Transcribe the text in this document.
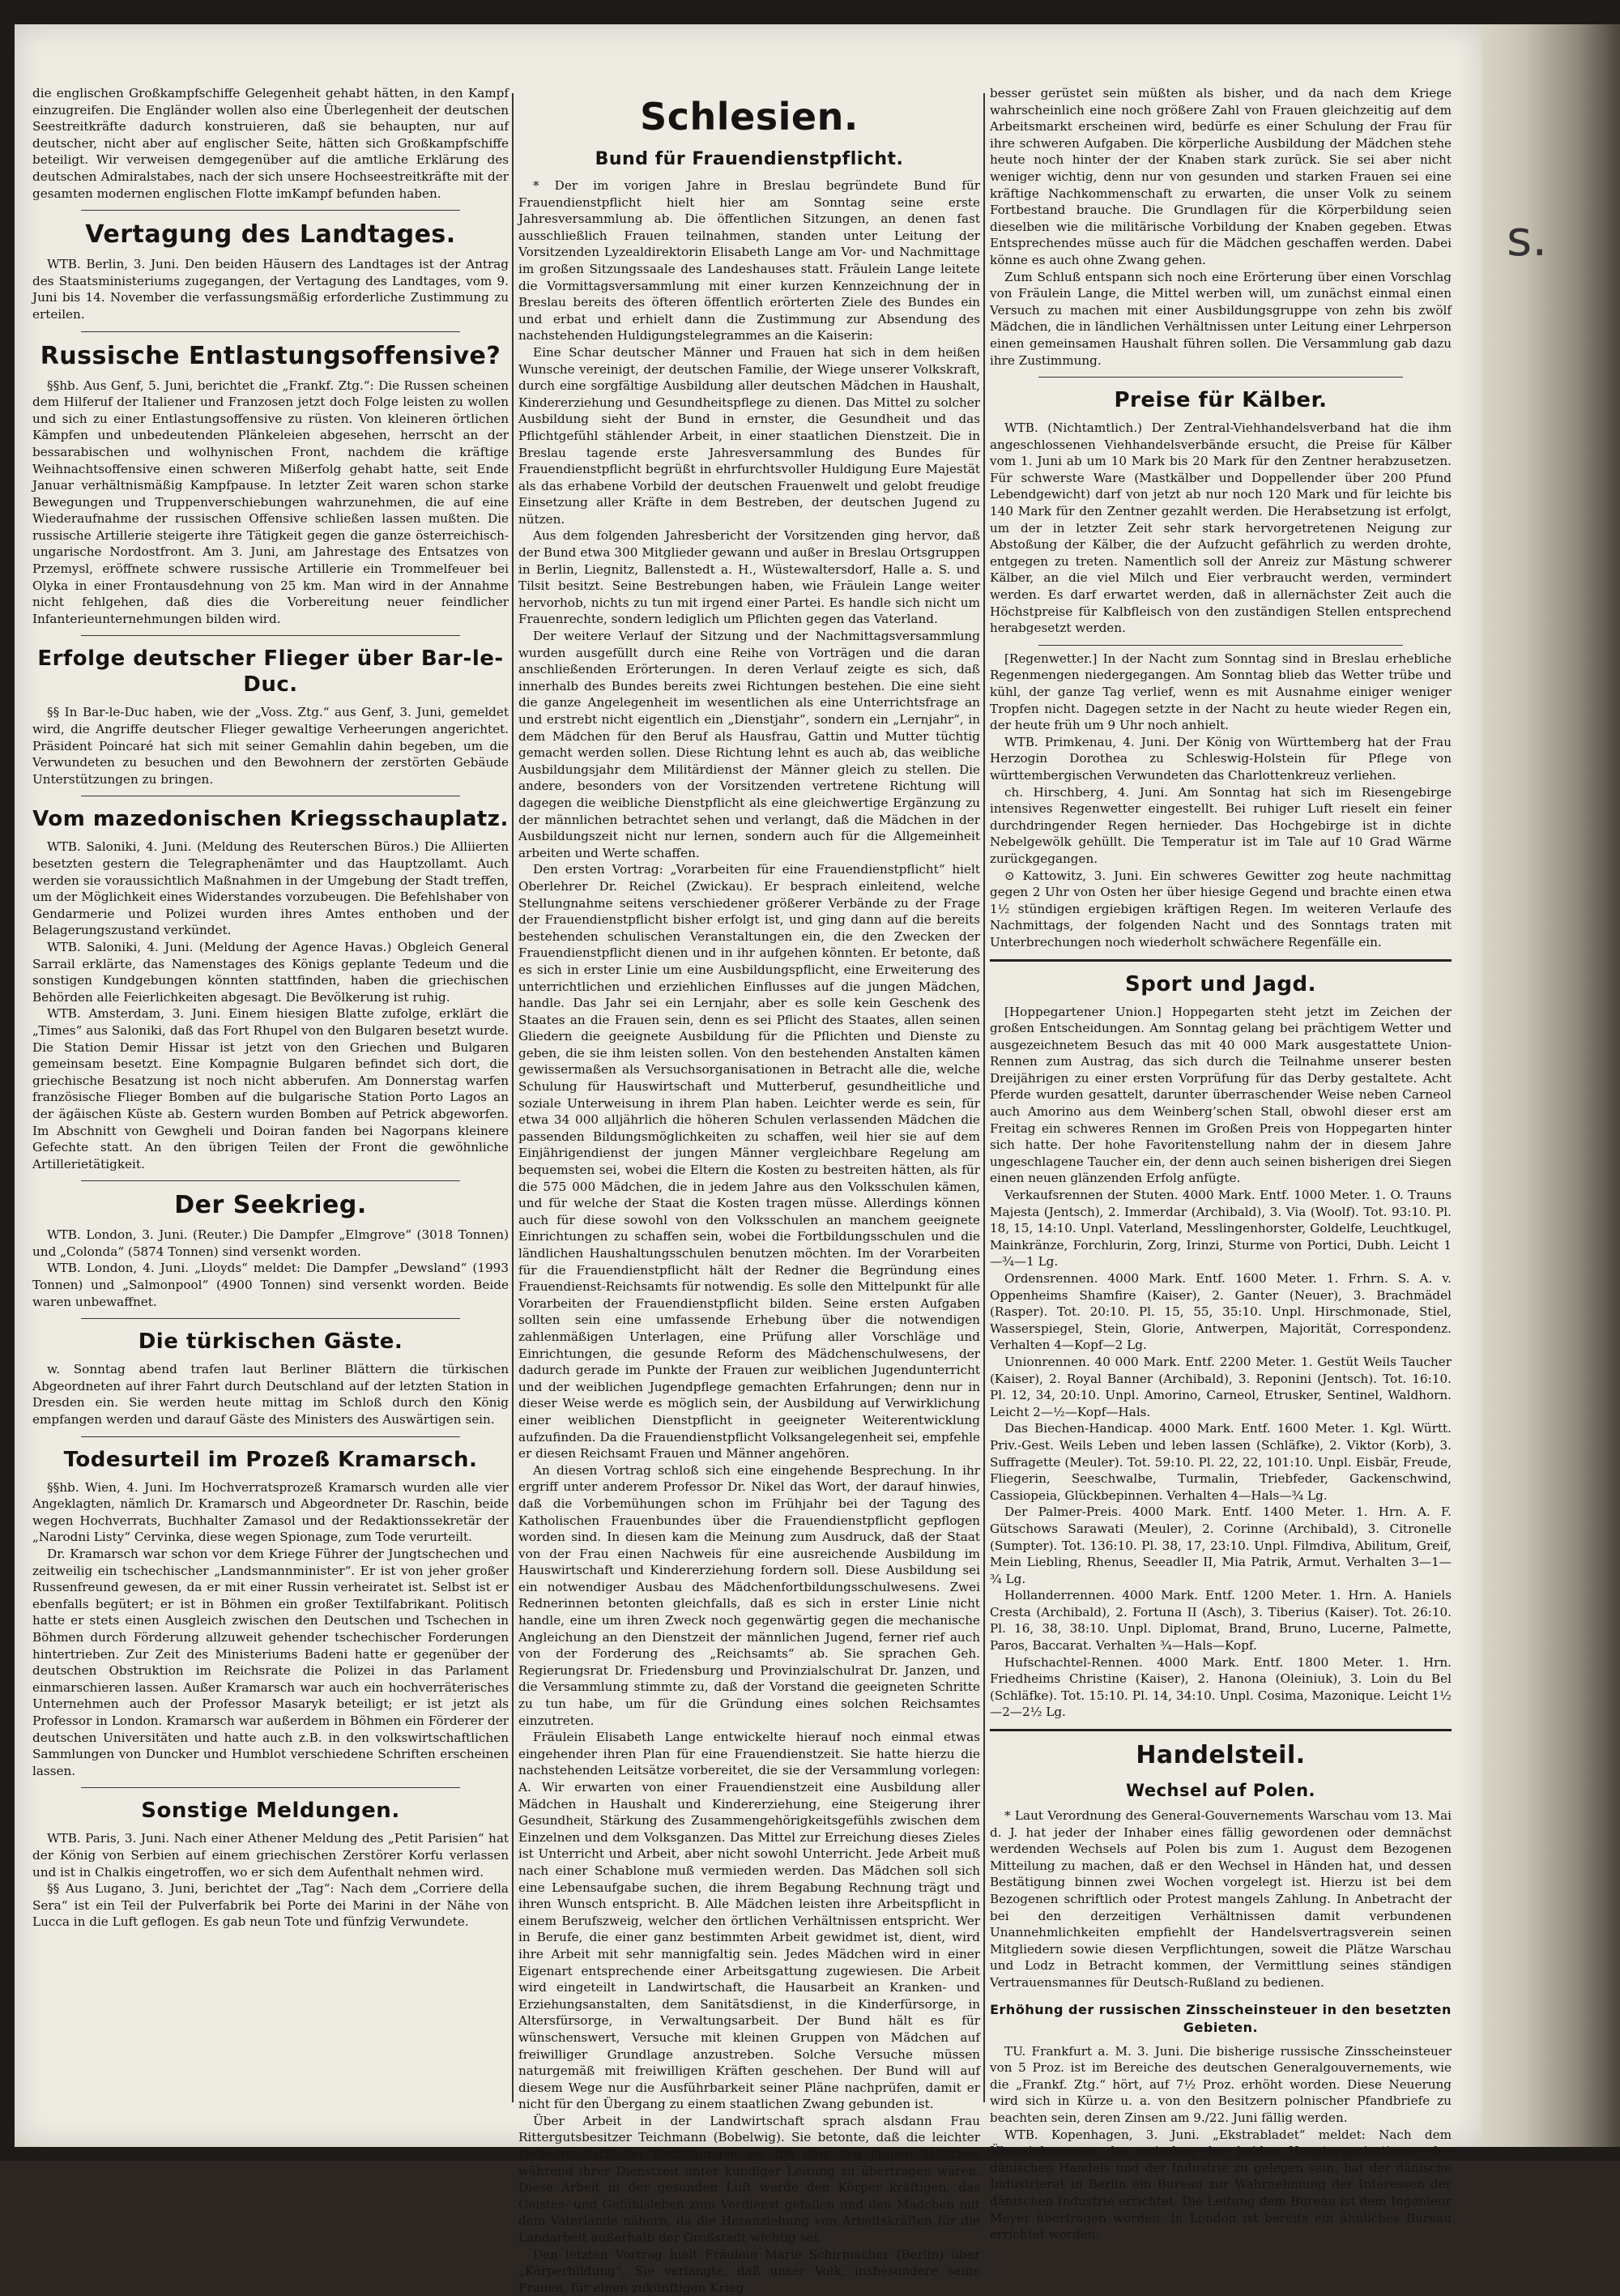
s.

die englischen Großkampfschiffe Gelegenheit gehabt hätten, in den Kampf einzugreifen. Die Engländer wollen also eine Überlegenheit der deutschen Seestreitkräfte dadurch konstruieren, daß sie behaupten, nur auf deutscher, nicht aber auf englischer Seite, hätten sich Großkampfschiffe beteiligt. Wir verweisen demgegenüber auf die amtliche Erklärung des deutschen Admiralstabes, nach der sich unsere Hochseestreitkräfte mit der gesamten modernen englischen Flotte imKampf befunden haben.

Vertagung des Landtages.

WTB. Berlin, 3. Juni. Den beiden Häusern des Landtages ist der Antrag des Staatsministeriums zugegangen, der Vertagung des Landtages, vom 9. Juni bis 14. November die verfassungsmäßig erforderliche Zustimmung zu erteilen.

Russische Entlastungsoffensive?

§§hb. Aus Genf, 5. Juni, berichtet die „Frankf. Ztg.“: Die Russen scheinen dem Hilferuf der Italiener und Franzosen jetzt doch Folge leisten zu wollen und sich zu einer Entlastungsoffensive zu rüsten. Von kleineren örtlichen Kämpfen und unbedeutenden Plänkeleien abgesehen, herrscht an der bessarabischen und wolhynischen Front, nachdem die kräftige Weihnachtsoffensive einen schweren Mißerfolg gehabt hatte, seit Ende Januar verhältnismäßig Kampfpause. In letzter Zeit waren schon starke Bewegungen und Truppenverschiebungen wahrzunehmen, die auf eine Wiederaufnahme der russischen Offensive schließen lassen mußten. Die russische Artillerie steigerte ihre Tätigkeit gegen die ganze österreichisch-ungarische Nordostfront. Am 3. Juni, am Jahrestage des Entsatzes von Przemysl, eröffnete schwere russische Artillerie ein Trommelfeuer bei Olyka in einer Frontausdehnung von 25 km. Man wird in der Annahme nicht fehlgehen, daß dies die Vorbereitung neuer feindlicher Infanterieunternehmungen bilden wird.

Erfolge deutscher Flieger über Bar-le-Duc.

§§ In Bar-le-Duc haben, wie der „Voss. Ztg.“ aus Genf, 3. Juni, gemeldet wird, die Angriffe deutscher Flieger gewaltige Verheerungen angerichtet. Präsident Poincaré hat sich mit seiner Gemahlin dahin begeben, um die Verwundeten zu besuchen und den Bewohnern der zerstörten Gebäude Unterstützungen zu bringen.

Vom mazedonischen Kriegsschauplatz.

WTB. Saloniki, 4. Juni. (Meldung des Reuterschen Büros.) Die Alliierten besetzten gestern die Telegraphenämter und das Hauptzollamt. Auch werden sie voraussichtlich Maßnahmen in der Umgebung der Stadt treffen, um der Möglichkeit eines Widerstandes vorzubeugen. Die Befehlshaber von Gendarmerie und Polizei wurden ihres Amtes enthoben und der Belagerungszustand verkündet.

WTB. Saloniki, 4. Juni. (Meldung der Agence Havas.) Obgleich General Sarrail erklärte, das Namenstages des Königs geplante Tedeum und die sonstigen Kundgebungen könnten stattfinden, haben die griechischen Behörden alle Feierlichkeiten abgesagt. Die Bevölkerung ist ruhig.

WTB. Amsterdam, 3. Juni. Einem hiesigen Blatte zufolge, erklärt die „Times“ aus Saloniki, daß das Fort Rhupel von den Bulgaren besetzt wurde. Die Station Demir Hissar ist jetzt von den Griechen und Bulgaren gemeinsam besetzt. Eine Kompagnie Bulgaren befindet sich dort, die griechische Besatzung ist noch nicht abberufen. Am Donnerstag warfen französische Flieger Bomben auf die bulgarische Station Porto Lagos an der ägäischen Küste ab. Gestern wurden Bomben auf Petrick abgeworfen. Im Abschnitt von Gewgheli und Doiran fanden bei Nagorpans kleinere Gefechte statt. An den übrigen Teilen der Front die gewöhnliche Artillerietätigkeit.

Der Seekrieg.

WTB. London, 3. Juni. (Reuter.) Die Dampfer „Elmgrove“ (3018 Tonnen) und „Colonda“ (5874 Tonnen) sind versenkt worden.

WTB. London, 4. Juni. „Lloyds“ meldet: Die Dampfer „Dewsland“ (1993 Tonnen) und „Salmonpool“ (4900 Tonnen) sind versenkt worden. Beide waren unbewaffnet.

Die türkischen Gäste.

w. Sonntag abend trafen laut Berliner Blättern die türkischen Abgeordneten auf ihrer Fahrt durch Deutschland auf der letzten Station in Dresden ein. Sie werden heute mittag im Schloß durch den König empfangen werden und darauf Gäste des Ministers des Auswärtigen sein.

Todesurteil im Prozeß Kramarsch.

§§hb. Wien, 4. Juni. Im Hochverratsprozeß Kramarsch wurden alle vier Angeklagten, nämlich Dr. Kramarsch und Abgeordneter Dr. Raschin, beide wegen Hochverrats, Buchhalter Zamasol und der Redaktionssekretär der „Narodni Listy“ Cervinka, diese wegen Spionage, zum Tode verurteilt.

Dr. Kramarsch war schon vor dem Kriege Führer der Jungtschechen und zeitweilig ein tschechischer „Landsmannminister“. Er ist von jeher großer Russenfreund gewesen, da er mit einer Russin verheiratet ist. Selbst ist er ebenfalls begütert; er ist in Böhmen ein großer Textilfabrikant. Politisch hatte er stets einen Ausgleich zwischen den Deutschen und Tschechen in Böhmen durch Förderung allzuweit gehender tschechischer Forderungen hintertrieben. Zur Zeit des Ministeriums Badeni hatte er gegenüber der deutschen Obstruktion im Reichsrate die Polizei in das Parlament einmarschieren lassen. Außer Kramarsch war auch ein hochverräterisches Unternehmen auch der Professor Masaryk beteiligt; er ist jetzt als Professor in London. Kramarsch war außerdem in Böhmen ein Förderer der deutschen Universitäten und hatte auch z.B. in den volkswirtschaftlichen Sammlungen von Duncker und Humblot verschiedene Schriften erscheinen lassen.

Sonstige Meldungen.

WTB. Paris, 3. Juni. Nach einer Athener Meldung des „Petit Parisien“ hat der König von Serbien auf einem griechischen Zerstörer Korfu verlassen und ist in Chalkis eingetroffen, wo er sich dem Aufenthalt nehmen wird.

§§ Aus Lugano, 3. Juni, berichtet der „Tag“: Nach dem „Corriere della Sera“ ist ein Teil der Pulverfabrik bei Porte dei Marini in der Nähe von Lucca in die Luft geflogen. Es gab neun Tote und fünfzig Verwundete.

Schlesien.
Bund für Frauendienstpflicht.

* Der im vorigen Jahre in Breslau begründete Bund für Frauendienstpflicht hielt hier am Sonntag seine erste Jahresversammlung ab. Die öffentlichen Sitzungen, an denen fast ausschließlich Frauen teilnahmen, standen unter Leitung der Vorsitzenden Lyzealdirektorin Elisabeth Lange am Vor- und Nachmittage im großen Sitzungssaale des Landeshauses statt. Fräulein Lange leitete die Vormittagsversammlung mit einer kurzen Kennzeichnung der in Breslau bereits des öfteren öffentlich erörterten Ziele des Bundes ein und erbat und erhielt dann die Zustimmung zur Absendung des nachstehenden Huldigungstelegrammes an die Kaiserin:

Eine Schar deutscher Männer und Frauen hat sich in dem heißen Wunsche vereinigt, der deutschen Familie, der Wiege unserer Volkskraft, durch eine sorgfältige Ausbildung aller deutschen Mädchen in Haushalt, Kindererziehung und Gesundheitspflege zu dienen. Das Mittel zu solcher Ausbildung sieht der Bund in ernster, die Gesundheit und das Pflichtgefühl stählender Arbeit, in einer staatlichen Dienstzeit. Die in Breslau tagende erste Jahresversammlung des Bundes für Frauendienstpflicht begrüßt in ehrfurchtsvoller Huldigung Eure Majestät als das erhabene Vorbild der deutschen Frauenwelt und gelobt freudige Einsetzung aller Kräfte in dem Bestreben, der deutschen Jugend zu nützen.

Aus dem folgenden Jahresbericht der Vorsitzenden ging hervor, daß der Bund etwa 300 Mitglieder gewann und außer in Breslau Ortsgruppen in Berlin, Liegnitz, Ballenstedt a. H., Wüstewaltersdorf, Halle a. S. und Tilsit besitzt. Seine Bestrebungen haben, wie Fräulein Lange weiter hervorhob, nichts zu tun mit irgend einer Partei. Es handle sich nicht um Frauenrechte, sondern lediglich um Pflichten gegen das Vaterland.

Der weitere Verlauf der Sitzung und der Nachmittagsversammlung wurden ausgefüllt durch eine Reihe von Vorträgen und die daran anschließenden Erörterungen. In deren Verlauf zeigte es sich, daß innerhalb des Bundes bereits zwei Richtungen bestehen. Die eine sieht die ganze Angelegenheit im wesentlichen als eine Unterrichtsfrage an und erstrebt nicht eigentlich ein „Dienstjahr“, sondern ein „Lernjahr“, in dem Mädchen für den Beruf als Hausfrau, Gattin und Mutter tüchtig gemacht werden sollen. Diese Richtung lehnt es auch ab, das weibliche Ausbildungsjahr dem Militärdienst der Männer gleich zu stellen. Die andere, besonders von der Vorsitzenden vertretene Richtung will dagegen die weibliche Dienstpflicht als eine gleichwertige Ergänzung zu der männlichen betrachtet sehen und verlangt, daß die Mädchen in der Ausbildungszeit nicht nur lernen, sondern auch für die Allgemeinheit arbeiten und Werte schaffen.

Den ersten Vortrag: „Vorarbeiten für eine Frauendienstpflicht“ hielt Oberlehrer Dr. Reichel (Zwickau). Er besprach einleitend, welche Stellungnahme seitens verschiedener größerer Verbände zu der Frage der Frauendienstpflicht bisher erfolgt ist, und ging dann auf die bereits bestehenden schulischen Veranstaltungen ein, die den Zwecken der Frauendienstpflicht dienen und in ihr aufgehen könnten. Er betonte, daß es sich in erster Linie um eine Ausbildungspflicht, eine Erweiterung des unterrichtlichen und erziehlichen Einflusses auf die jungen Mädchen, handle. Das Jahr sei ein Lernjahr, aber es solle kein Geschenk des Staates an die Frauen sein, denn es sei Pflicht des Staates, allen seinen Gliedern die geeignete Ausbildung für die Pflichten und Dienste zu geben, die sie ihm leisten sollen. Von den bestehenden Anstalten kämen gewissermaßen als Versuchsorganisationen in Betracht alle die, welche Schulung für Hauswirtschaft und Mutterberuf, gesundheitliche und soziale Unterweisung in ihrem Plan haben. Leichter werde es sein, für etwa 34 000 alljährlich die höheren Schulen verlassenden Mädchen die passenden Bildungsmöglichkeiten zu schaffen, weil hier sie auf dem Einjährigendienst der jungen Männer vergleichbare Regelung am bequemsten sei, wobei die Eltern die Kosten zu bestreiten hätten, als für die 575 000 Mädchen, die in jedem Jahre aus den Volksschulen kämen, und für welche der Staat die Kosten tragen müsse. Allerdings können auch für diese sowohl von den Volksschulen an manchem geeignete Einrichtungen zu schaffen sein, wobei die Fortbildungsschulen und die ländlichen Haushaltungsschulen benutzen möchten. Im der Vorarbeiten für die Frauendienstpflicht hält der Redner die Begründung eines Frauendienst-Reichsamts für notwendig. Es solle den Mittelpunkt für alle Vorarbeiten der Frauendienstpflicht bilden. Seine ersten Aufgaben sollten sein eine umfassende Erhebung über die notwendigen zahlenmäßigen Unterlagen, eine Prüfung aller Vorschläge und Einrichtungen, die gesunde Reform des Mädchenschulwesens, der dadurch gerade im Punkte der Frauen zur weiblichen Jugendunterricht und der weiblichen Jugendpflege gemachten Erfahrungen; denn nur in dieser Weise werde es möglich sein, der Ausbildung auf Verwirklichung einer weiblichen Dienstpflicht in geeigneter Weiterentwicklung aufzufinden. Da die Frauendienstpflicht Volksangelegenheit sei, empfehle er diesen Reichsamt Frauen und Männer angehören.

An diesen Vortrag schloß sich eine eingehende Besprechung. In ihr ergriff unter anderem Professor Dr. Nikel das Wort, der darauf hinwies, daß die Vorbemühungen schon im Frühjahr bei der Tagung des Katholischen Frauenbundes über die Frauendienstpflicht gepflogen worden sind. In diesen kam die Meinung zum Ausdruck, daß der Staat von der Frau einen Nachweis für eine ausreichende Ausbildung im Hauswirtschaft und Kindererziehung fordern soll. Diese Ausbildung sei ein notwendiger Ausbau des Mädchenfortbildungsschulwesens. Zwei Rednerinnen betonten gleichfalls, daß es sich in erster Linie nicht handle, eine um ihren Zweck noch gegenwärtig gegen die mechanische Angleichung an den Dienstzeit der männlichen Jugend, ferner rief auch von der Forderung des „Reichsamts“ ab. Sie sprachen Geh. Regierungsrat Dr. Friedensburg und Provinzialschulrat Dr. Janzen, und die Versammlung stimmte zu, daß der Vorstand die geeigneten Schritte zu tun habe, um für die Gründung eines solchen Reichsamtes einzutreten.

Fräulein Elisabeth Lange entwickelte hierauf noch einmal etwas eingehender ihren Plan für eine Frauendienstzeit. Sie hatte hierzu die nachstehenden Leitsätze vorbereitet, die sie der Versammlung vorlegen: A. Wir erwarten von einer Frauendienstzeit eine Ausbildung aller Mädchen in Haushalt und Kindererziehung, eine Steigerung ihrer Gesundheit, Stärkung des Zusammengehörigkeitsgefühls zwischen dem Einzelnen und dem Volksganzen. Das Mittel zur Erreichung dieses Zieles ist Unterricht und Arbeit, aber nicht sowohl Unterricht. Jede Arbeit muß nach einer Schablone muß vermieden werden. Das Mädchen soll sich eine Lebensaufgabe suchen, die ihrem Begabung Rechnung trägt und ihren Wunsch entspricht. B. Alle Mädchen leisten ihre Arbeitspflicht in einem Berufszweig, welcher den örtlichen Verhältnissen entspricht. Wer in Berufe, die einer ganz bestimmten Arbeit gewidmet ist, dient, wird ihre Arbeit mit sehr mannigfaltig sein. Jedes Mädchen wird in einer Eigenart entsprechende einer Arbeitsgattung zugewiesen. Die Arbeit wird eingeteilt in Landwirtschaft, die Hausarbeit an Kranken- und Erziehungsanstalten, dem Sanitätsdienst, in die Kinderfürsorge, in Altersfürsorge, in Verwaltungsarbeit. Der Bund hält es für wünschenswert, Versuche mit kleinen Gruppen von Mädchen auf freiwilliger Grundlage anzustreben. Solche Versuche müssen naturgemäß mit freiwilligen Kräften geschehen. Der Bund will auf diesem Wege nur die Ausführbarkeit seiner Pläne nachprüfen, damit er nicht für den Übergang zu einem staatlichen Zwang gebunden ist.

Über Arbeit in der Landwirtschaft sprach alsdann Frau Rittergutsbesitzer Teichmann (Bobelwig). Sie betonte, daß die leichter landwirtschaftlicher Betätigungen an, die dort den jungen Mädchen während ihrer Dienstzeit unter kundiger Leitung zu übertragen wären. Diese Arbeit in der gesunden Luft werde den Körper kräftigen, das Geistes- und Gefühlsleben zum Verdienst gefallen und den Mädchen mit dem Vaterlande nähern, da die Heranziehung von Arbeitskräften für die Landarbeit außerhalb der Großstadt wichtig sei.

Den letzten Vortrag hielt Fräulein Marie Schirmacher (Berlin) über „Körperbildung“. Sie verlangte, daß unser Volk, insbesondere seine Frauen, für einen zukünftigen Krieg

besser gerüstet sein müßten als bisher, und da nach dem Kriege wahrscheinlich eine noch größere Zahl von Frauen gleichzeitig auf dem Arbeitsmarkt erscheinen wird, bedürfe es einer Schulung der Frau für ihre schweren Aufgaben. Die körperliche Ausbildung der Mädchen stehe heute noch hinter der der Knaben stark zurück. Sie sei aber nicht weniger wichtig, denn nur von gesunden und starken Frauen sei eine kräftige Nachkommenschaft zu erwarten, die unser Volk zu seinem Fortbestand brauche. Die Grundlagen für die Körperbildung seien dieselben wie die militärische Vorbildung der Knaben gegeben. Etwas Entsprechendes müsse auch für die Mädchen geschaffen werden. Dabei könne es auch ohne Zwang gehen.

Zum Schluß entspann sich noch eine Erörterung über einen Vorschlag von Fräulein Lange, die Mittel werben will, um zunächst einmal einen Versuch zu machen mit einer Ausbildungsgruppe von zehn bis zwölf Mädchen, die in ländlichen Verhältnissen unter Leitung einer Lehrperson einen gemeinsamen Haushalt führen sollen. Die Versammlung gab dazu ihre Zustimmung.

Preise für Kälber.

WTB. (Nichtamtlich.) Der Zentral-Viehhandelsverband hat die ihm angeschlossenen Viehhandelsverbände ersucht, die Preise für Kälber vom 1. Juni ab um 10 Mark bis 20 Mark für den Zentner herabzusetzen. Für schwerste Ware (Mastkälber und Doppellender über 200 Pfund Lebendgewicht) darf von jetzt ab nur noch 120 Mark und für leichte bis 140 Mark für den Zentner gezahlt werden. Die Herabsetzung ist erfolgt, um der in letzter Zeit sehr stark hervorgetretenen Neigung zur Abstoßung der Kälber, die der Aufzucht gefährlich zu werden drohte, entgegen zu treten. Namentlich soll der Anreiz zur Mästung schwerer Kälber, an die viel Milch und Eier verbraucht werden, vermindert werden. Es darf erwartet werden, daß in allernächster Zeit auch die Höchstpreise für Kalbfleisch von den zuständigen Stellen entsprechend herabgesetzt werden.

[Regenwetter.] In der Nacht zum Sonntag sind in Breslau erhebliche Regenmengen niedergegangen. Am Sonntag blieb das Wetter trübe und kühl, der ganze Tag verlief, wenn es mit Ausnahme einiger weniger Tropfen nicht. Dagegen setzte in der Nacht zu heute wieder Regen ein, der heute früh um 9 Uhr noch anhielt.

WTB. Primkenau, 4. Juni. Der König von Württemberg hat der Frau Herzogin Dorothea zu Schleswig-Holstein für Pflege von württembergischen Verwundeten das Charlottenkreuz verliehen.

ch. Hirschberg, 4. Juni. Am Sonntag hat sich im Riesengebirge intensives Regenwetter eingestellt. Bei ruhiger Luft rieselt ein feiner durchdringender Regen hernieder. Das Hochgebirge ist in dichte Nebelgewölk gehüllt. Die Temperatur ist im Tale auf 10 Grad Wärme zurückgegangen.

⊙ Kattowitz, 3. Juni. Ein schweres Gewitter zog heute nachmittag gegen 2 Uhr von Osten her über hiesige Gegend und brachte einen etwa 1½ stündigen ergiebigen kräftigen Regen. Im weiteren Verlaufe des Nachmittags, der folgenden Nacht und des Sonntags traten mit Unterbrechungen noch wiederholt schwächere Regenfälle ein.

Sport und Jagd.

[Hoppegartener Union.] Hoppegarten steht jetzt im Zeichen der großen Entscheidungen. Am Sonntag gelang bei prächtigem Wetter und ausgezeichnetem Besuch das mit 40 000 Mark ausgestattete Union-Rennen zum Austrag, das sich durch die Teilnahme unserer besten Dreijährigen zu einer ersten Vorprüfung für das Derby gestaltete. Acht Pferde wurden gesattelt, darunter überraschender Weise neben Carneol auch Amorino aus dem Weinberg’schen Stall, obwohl dieser erst am Freitag ein schweres Rennen im Großen Preis von Hoppegarten hinter sich hatte. Der hohe Favoritenstellung nahm der in diesem Jahre ungeschlagene Taucher ein, der denn auch seinen bisherigen drei Siegen einen neuen glänzenden Erfolg anfügte.

Verkaufsrennen der Stuten. 4000 Mark. Entf. 1000 Meter. 1. O. Trauns Majesta (Jentsch), 2. Immerdar (Archibald), 3. Via (Woolf). Tot. 93:10. Pl. 18, 15, 14:10. Unpl. Vaterland, Messlingenhorster, Goldelfe, Leuchtkugel, Mainkränze, Forchlurin, Zorg, Irinzi, Sturme von Portici, Dubh. Leicht 1—¾—1 Lg.

Ordensrennen. 4000 Mark. Entf. 1600 Meter. 1. Frhrn. S. A. v. Oppenheims Shamfire (Kaiser), 2. Ganter (Neuer), 3. Brachmädel (Rasper). Tot. 20:10. Pl. 15, 55, 35:10. Unpl. Hirschmonade, Stiel, Wasserspiegel, Stein, Glorie, Antwerpen, Majorität, Correspondenz. Verhalten 4—Kopf—2 Lg.

Unionrennen. 40 000 Mark. Entf. 2200 Meter. 1. Gestüt Weils Taucher (Kaiser), 2. Royal Banner (Archibald), 3. Reponini (Jentsch). Tot. 16:10. Pl. 12, 34, 20:10. Unpl. Amorino, Carneol, Etrusker, Sentinel, Waldhorn. Leicht 2—½—Kopf—Hals.

Das Biechen-Handicap. 4000 Mark. Entf. 1600 Meter. 1. Kgl. Württ. Priv.-Gest. Weils Leben und leben lassen (Schläfke), 2. Viktor (Korb), 3. Suffragette (Meuler). Tot. 59:10. Pl. 22, 22, 101:10. Unpl. Eisbär, Freude, Fliegerin, Seeschwalbe, Turmalin, Triebfeder, Gackenschwind, Cassiopeia, Glückbepinnen. Verhalten 4—Hals—¾ Lg.

Der Palmer-Preis. 4000 Mark. Entf. 1400 Meter. 1. Hrn. A. F. Gütschows Sarawati (Meuler), 2. Corinne (Archibald), 3. Citronelle (Sumpter). Tot. 136:10. Pl. 38, 17, 23:10. Unpl. Filmdiva, Abilitum, Greif, Mein Liebling, Rhenus, Seeadler II, Mia Patrik, Armut. Verhalten 3—1—¾ Lg.

Hollanderrennen. 4000 Mark. Entf. 1200 Meter. 1. Hrn. A. Haniels Cresta (Archibald), 2. Fortuna II (Asch), 3. Tiberius (Kaiser). Tot. 26:10. Pl. 16, 38, 38:10. Unpl. Diplomat, Brand, Bruno, Lucerne, Palmette, Paros, Baccarat. Verhalten ¾—Hals—Kopf.

Hufschachtel-Rennen. 4000 Mark. Entf. 1800 Meter. 1. Hrn. Friedheims Christine (Kaiser), 2. Hanona (Oleiniuk), 3. Loin du Bel (Schläfke). Tot. 15:10. Pl. 14, 34:10. Unpl. Cosima, Mazonique. Leicht 1½—2—2½ Lg.

Handelsteil.
Wechsel auf Polen.

* Laut Verordnung des General-Gouvernements Warschau vom 13. Mai d. J. hat jeder der Inhaber eines fällig gewordenen oder demnächst werdenden Wechsels auf Polen bis zum 1. August dem Bezogenen Mitteilung zu machen, daß er den Wechsel in Händen hat, und dessen Bestätigung binnen zwei Wochen vorgelegt ist. Hierzu ist bei dem Bezogenen schriftlich oder Protest mangels Zahlung. In Anbetracht der bei den derzeitigen Verhältnissen damit verbundenen Unannehmlichkeiten empfiehlt der Handelsvertragsverein seinen Mitgliedern sowie diesen Verpflichtungen, soweit die Plätze Warschau und Lodz in Betracht kommen, der Vermittlung seines ständigen Vertrauensmannes für Deutsch-Rußland zu bedienen.

Erhöhung der russischen Zinsscheinsteuer in den besetzten Gebieten.

TU. Frankfurt a. M. 3. Juni. Die bisherige russische Zinsscheinsteuer von 5 Proz. ist im Bereiche des deutschen Generalgouvernements, wie die „Frankf. Ztg.“ hört, auf 7½ Proz. erhöht worden. Diese Neuerung wird sich in Kürze u. a. von den Besitzern polnischer Pfandbriefe zu beachten sein, deren Zinsen am 9./22. Juni fällig werden.

WTB. Kopenhagen, 3. Juni. „Ekstrabladet“ meldet: Nach dem Übereinkommen, das zwischen den beiden Hauptorganisationen des dänischen Handels und der Industrie zu gelegen sein, hat der dänische Industrierat in Berlin ein Bureau zur Wahrnehmung der Interessen der dänischen Industrie errichtet. Die Leitung dem Bureau ist dem Ingenieur Meyer übertragen worden. In London ist bereits ein ähnliches Bureau errichtet worden.
